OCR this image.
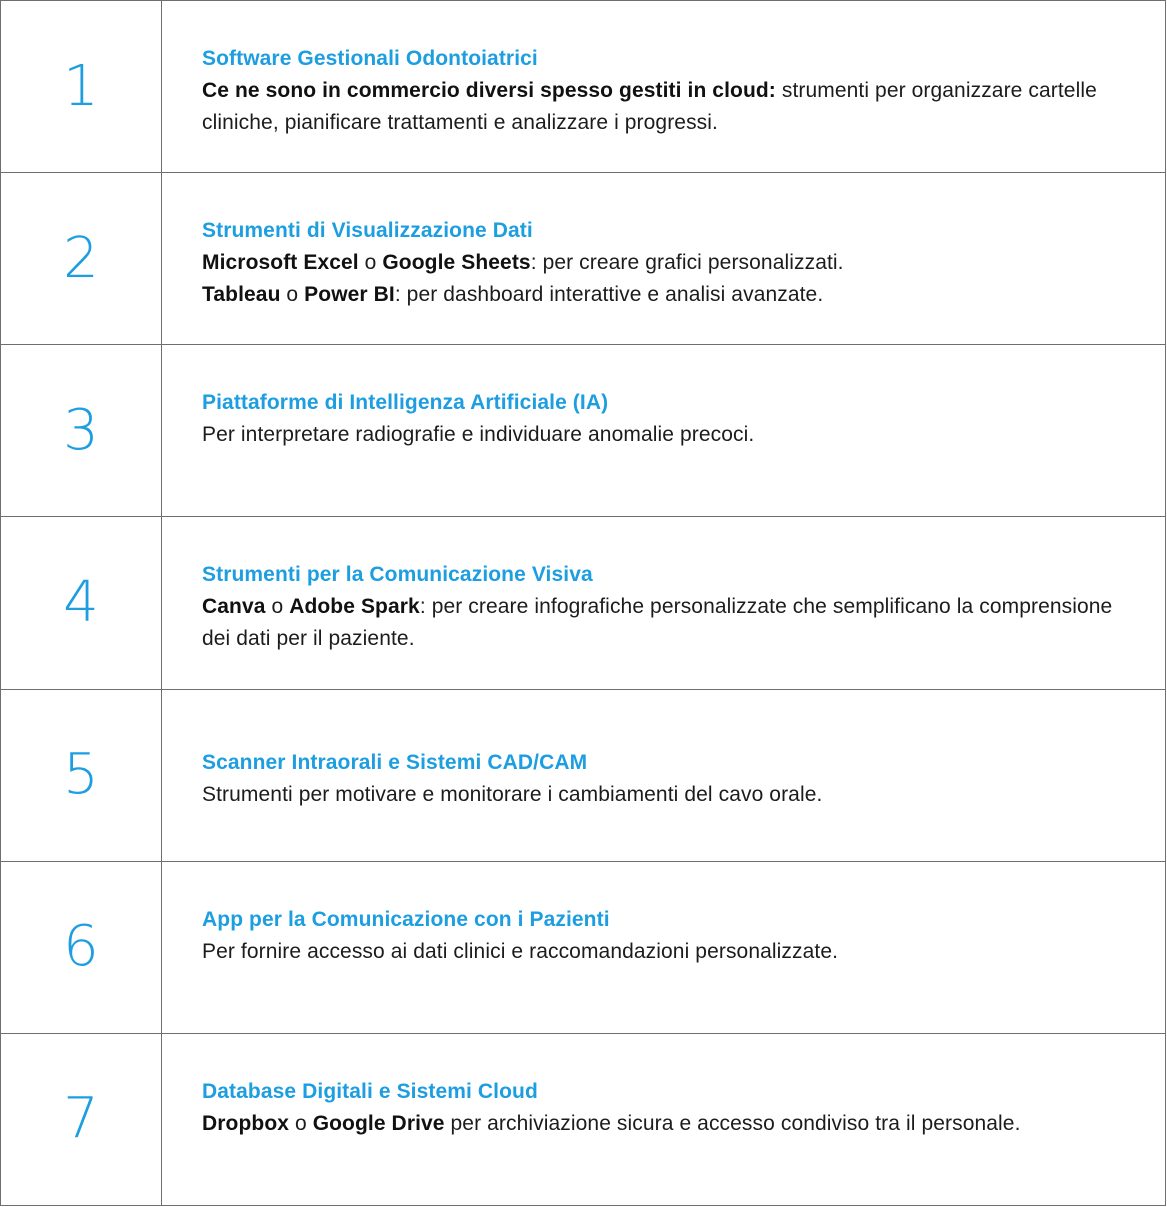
1	Software Gestionali Odontoiatrici
Ce ne sono in commercio diversi spesso gestiti in cloud: strumenti per organizzare cartelle cliniche, pianificare trattamenti e analizzare i progressi.

2	Strumenti di Visualizzazione Dati
Microsoft Excel o Google Sheets: per creare grafici personalizzati.
Tableau o Power BI: per dashboard interattive e analisi avanzate.

3	Piattaforme di Intelligenza Artificiale (IA)
Per interpretare radiografie e individuare anomalie precoci.

4	Strumenti per la Comunicazione Visiva
Canva o Adobe Spark: per creare infografiche personalizzate che semplificano la comprensione dei dati per il paziente.

5	Scanner Intraorali e Sistemi CAD/CAM
Strumenti per motivare e monitorare i cambiamenti del cavo orale.

6	App per la Comunicazione con i Pazienti
Per fornire accesso ai dati clinici e raccomandazioni personalizzate.

7	Database Digitali e Sistemi Cloud
Dropbox o Google Drive per archiviazione sicura e accesso condiviso tra il personale.
